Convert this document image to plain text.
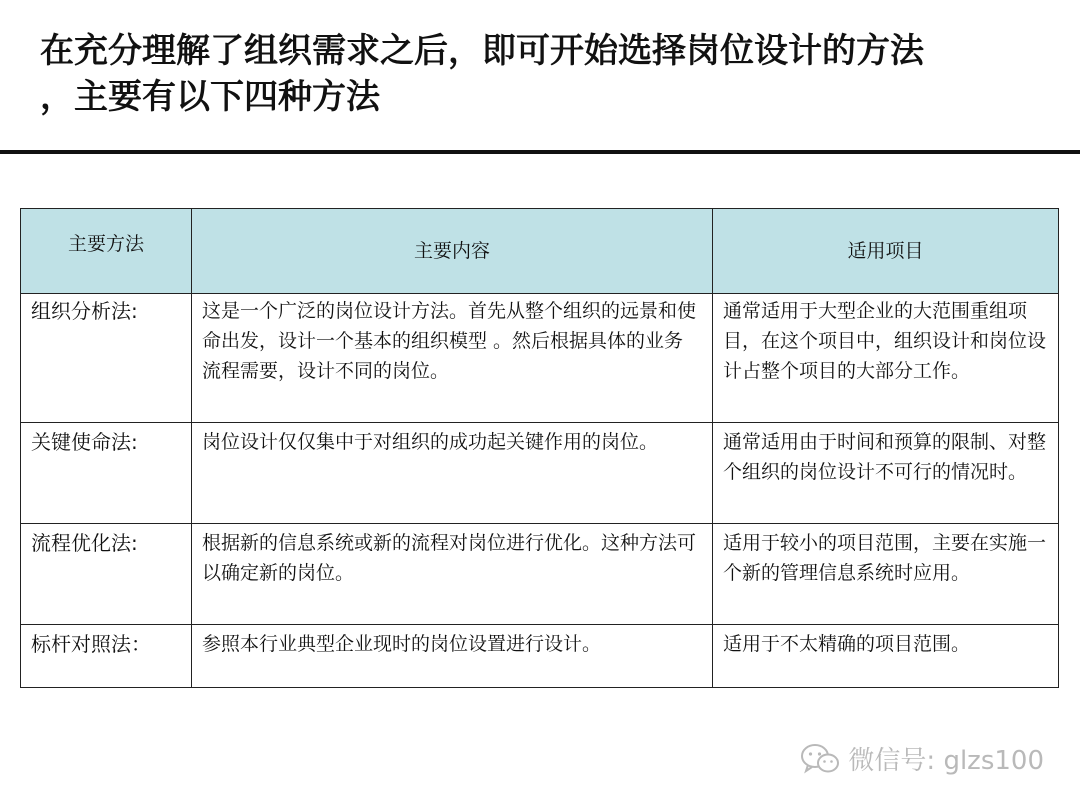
在充分理解了组织需求之后，即可开始选择岗位设计的方法
，主要有以下四种方法
主要方法	主要内容	适用项目
组织分析法:	这是一个广泛的岗位设计方法。首先从整个组织的远景和使命出发，设计一个基本的组织模型 。然后根据具体的业务流程需要，设计不同的岗位。	通常适用于大型企业的大范围重组项目，在这个项目中，组织设计和岗位设计占整个项目的大部分工作。
关键使命法:	岗位设计仅仅集中于对组织的成功起关键作用的岗位。	通常适用由于时间和预算的限制、对整个组织的岗位设计不可行的情况时。
流程优化法:	根据新的信息系统或新的流程对岗位进行优化。这种方法可以确定新的岗位。	适用于较小的项目范围，主要在实施一个新的管理信息系统时应用。
标杆对照法：	参照本行业典型企业现时的岗位设置进行设计。	适用于不太精确的项目范围。
微信号: glzs100
